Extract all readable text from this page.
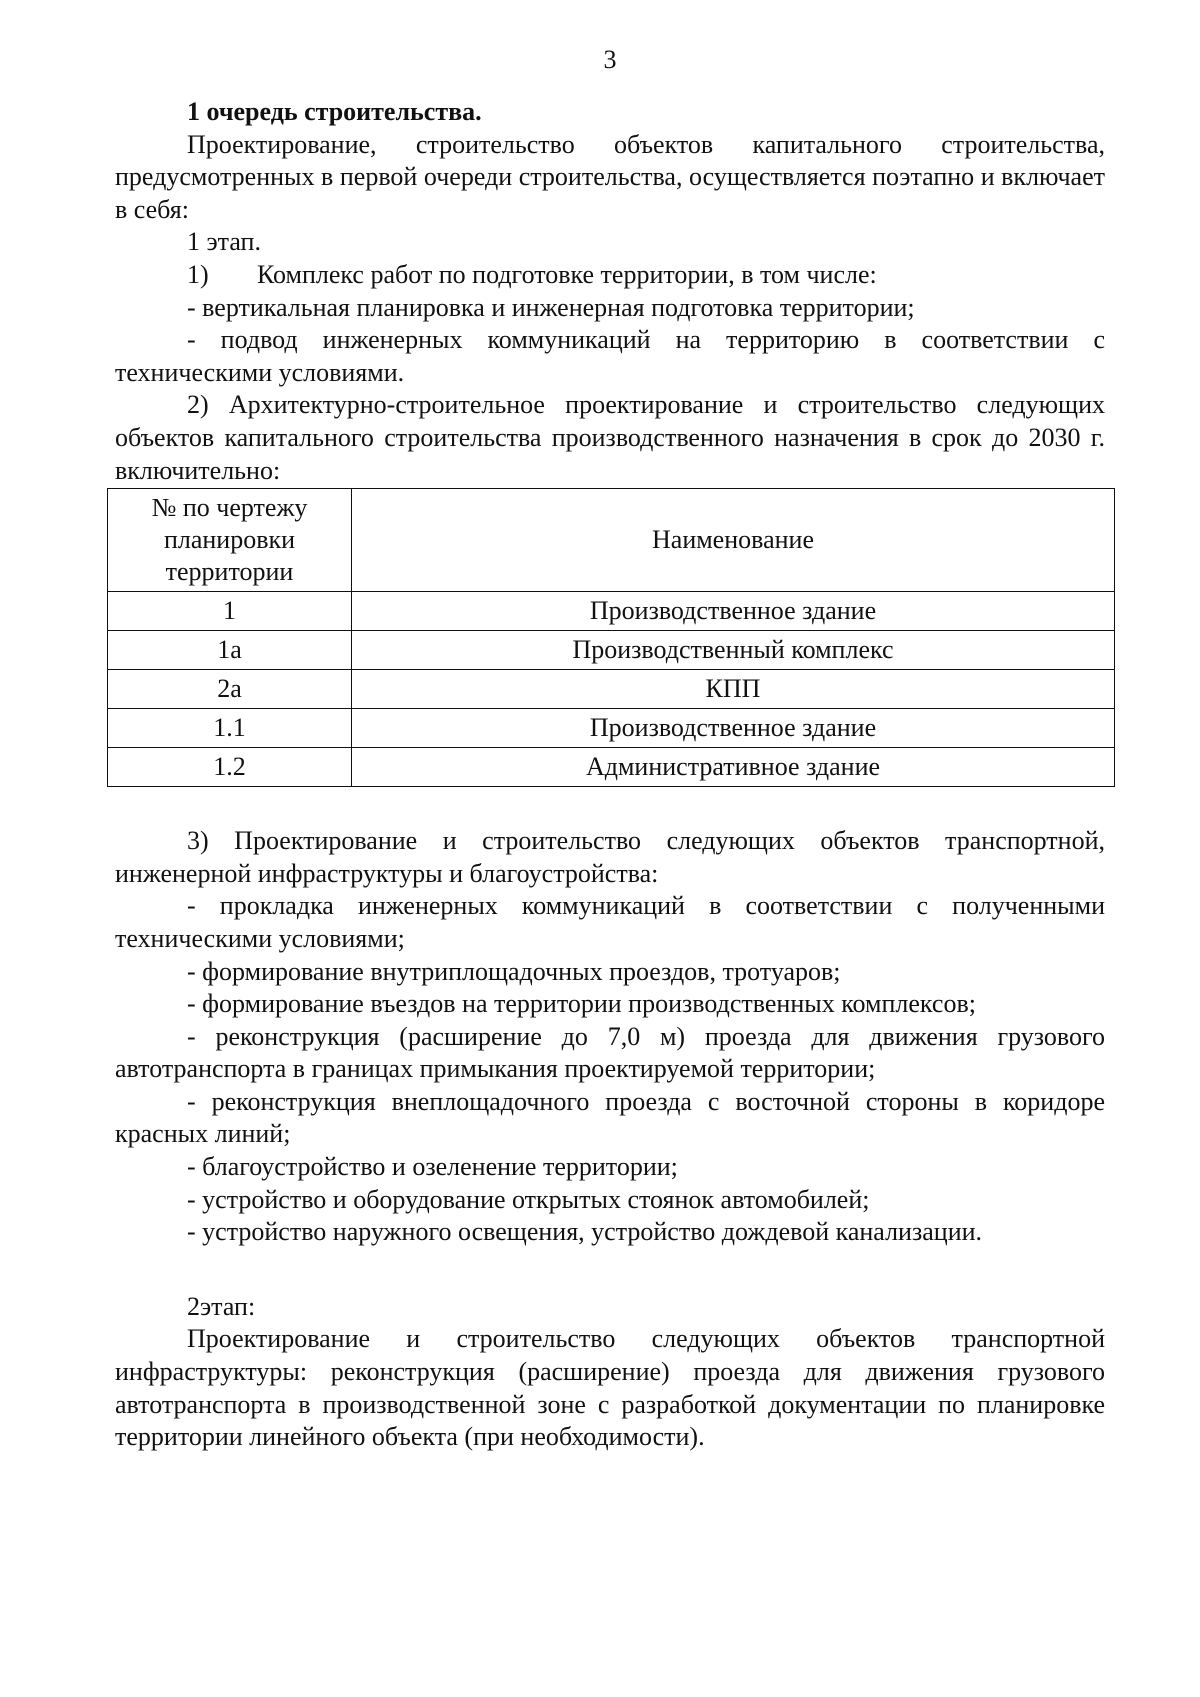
3

1 очередь строительства.

Проектирование, строительство объектов капитального строительства, предусмотренных в первой очереди строительства, осуществляется поэтапно и включает в себя:

1 этап.

1) Комплекс работ по подготовке территории, в том числе:

- вертикальная планировка и инженерная подготовка территории;

- подвод инженерных коммуникаций на территорию в соответствии с техническими условиями.

2) Архитектурно-строительное проектирование и строительство следующих объектов капитального строительства производственного назначения в срок до 2030 г. включительно:

№ по чертежу планировки территории	Наименование
1	Производственное здание
1а	Производственный комплекс
2а	КПП
1.1	Производственное здание
1.2	Административное здание

3) Проектирование и строительство следующих объектов транспортной, инженерной инфраструктуры и благоустройства:

- прокладка инженерных коммуникаций в соответствии с полученными техническими условиями;

- формирование внутриплощадочных проездов, тротуаров;

- формирование въездов на территории производственных комплексов;

- реконструкция (расширение до 7,0 м) проезда для движения грузового автотранспорта в границах примыкания проектируемой территории;

- реконструкция внеплощадочного проезда с восточной стороны в коридоре красных линий;

- благоустройство и озеленение территории;

- устройство и оборудование открытых стоянок автомобилей;

- устройство наружного освещения, устройство дождевой канализации.

2этап:

Проектирование и строительство следующих объектов транспортной инфраструктуры: реконструкция (расширение) проезда для движения грузового автотранспорта в производственной зоне с разработкой документации по планировке территории линейного объекта (при необходимости).
